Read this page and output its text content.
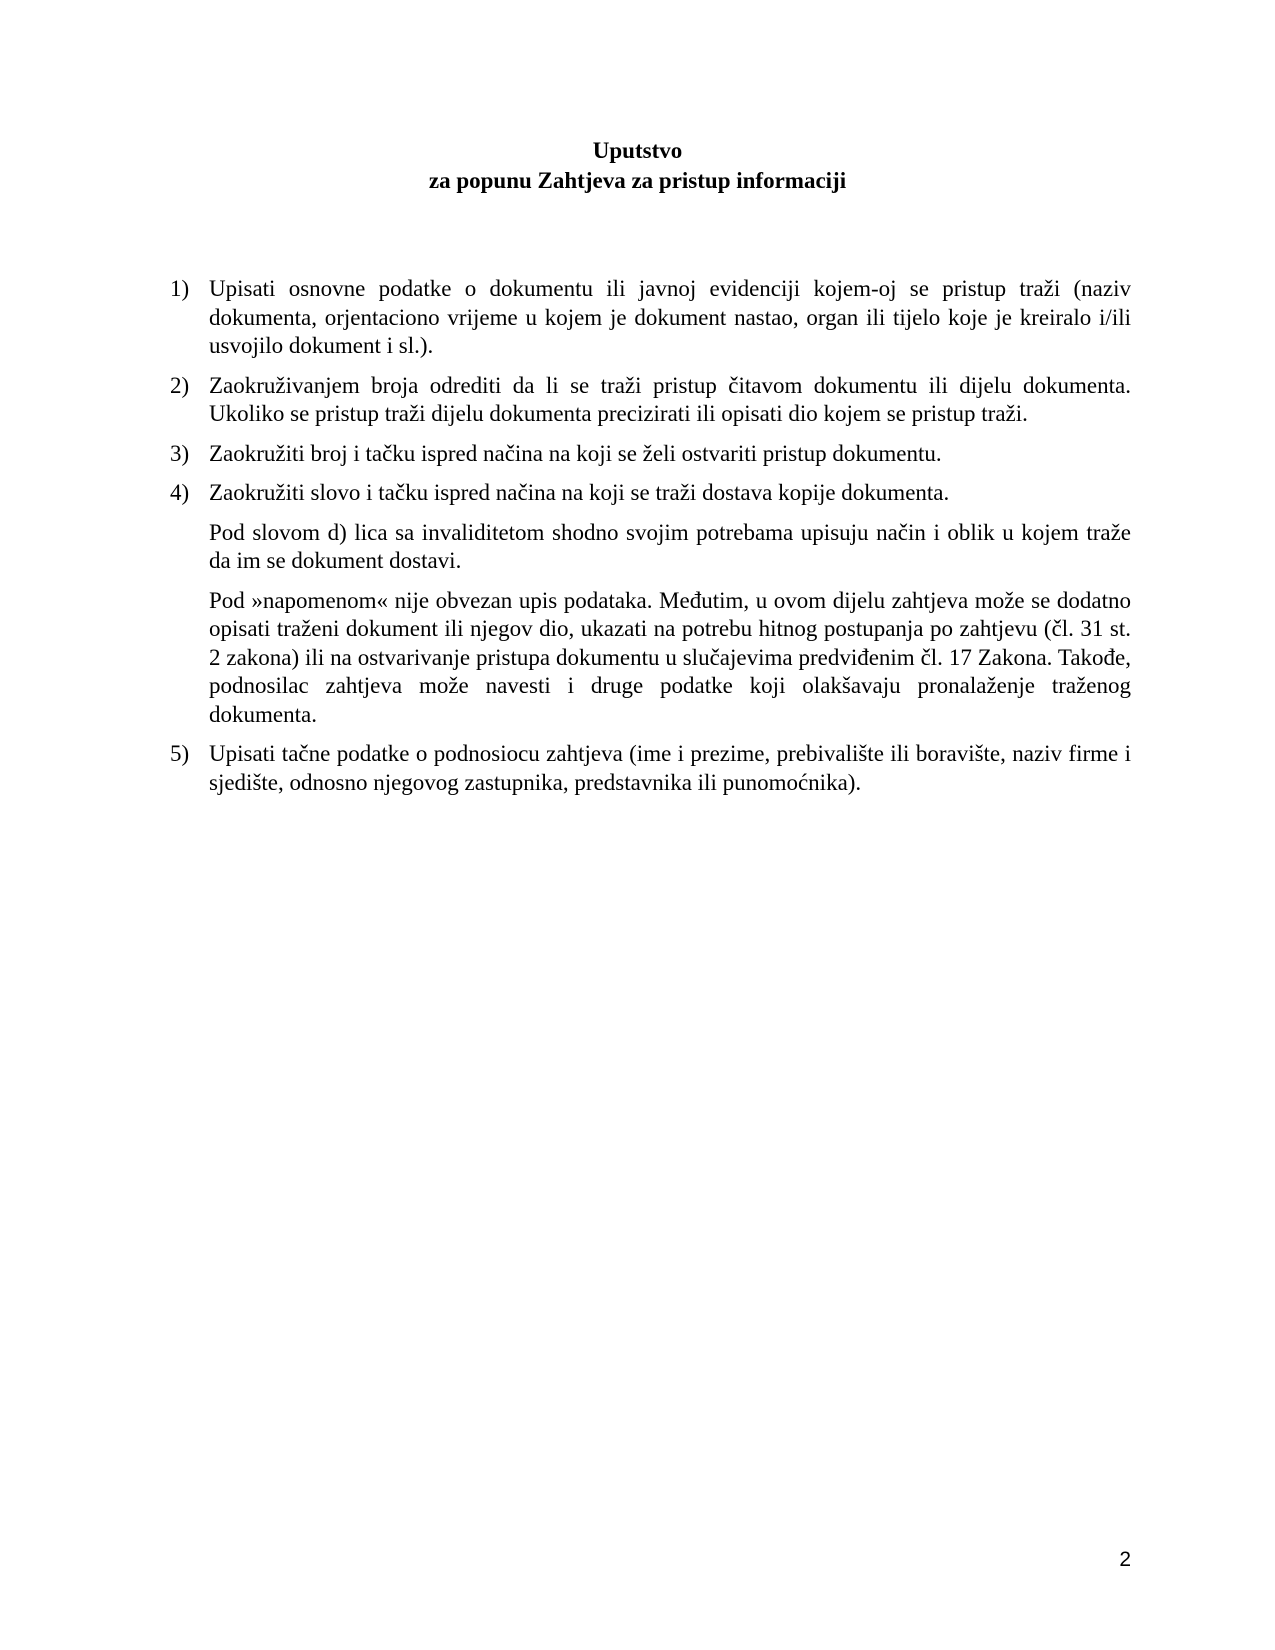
Uputstvo
za popunu Zahtjeva za pristup informaciji
1) Upisati osnovne podatke o dokumentu ili javnoj evidenciji kojem-oj se pristup traži (naziv dokumenta, orjentaciono vrijeme u kojem je dokument nastao, organ ili tijelo koje je kreiralo i/ili usvojilo dokument i sl.).

2) Zaokruživanjem broja odrediti da li se traži pristup čitavom dokumentu ili dijelu dokumenta. Ukoliko se pristup traži dijelu dokumenta precizirati ili opisati dio kojem se pristup traži.

3) Zaokružiti broj i tačku ispred načina na koji se želi ostvariti pristup dokumentu.

4) Zaokružiti slovo i tačku ispred načina na koji se traži dostava kopije dokumenta.

Pod slovom d) lica sa invaliditetom shodno svojim potrebama upisuju način i oblik u kojem traže da im se dokument dostavi.

Pod »napomenom« nije obvezan upis podataka. Međutim, u ovom dijelu zahtjeva može se dodatno opisati traženi dokument ili njegov dio, ukazati na potrebu hitnog postupanja po zahtjevu (čl. 31 st. 2 zakona) ili na ostvarivanje pristupa dokumentu u slučajevima predviđenim čl. 17 Zakona. Takođe, podnosilac zahtjeva može navesti i druge podatke koji olakšavaju pronalaženje traženog dokumenta.

5) Upisati tačne podatke o podnosiocu zahtjeva (ime i prezime, prebivalište ili boravište, naziv firme i sjedište, odnosno njegovog zastupnika, predstavnika ili punomoćnika).

2
